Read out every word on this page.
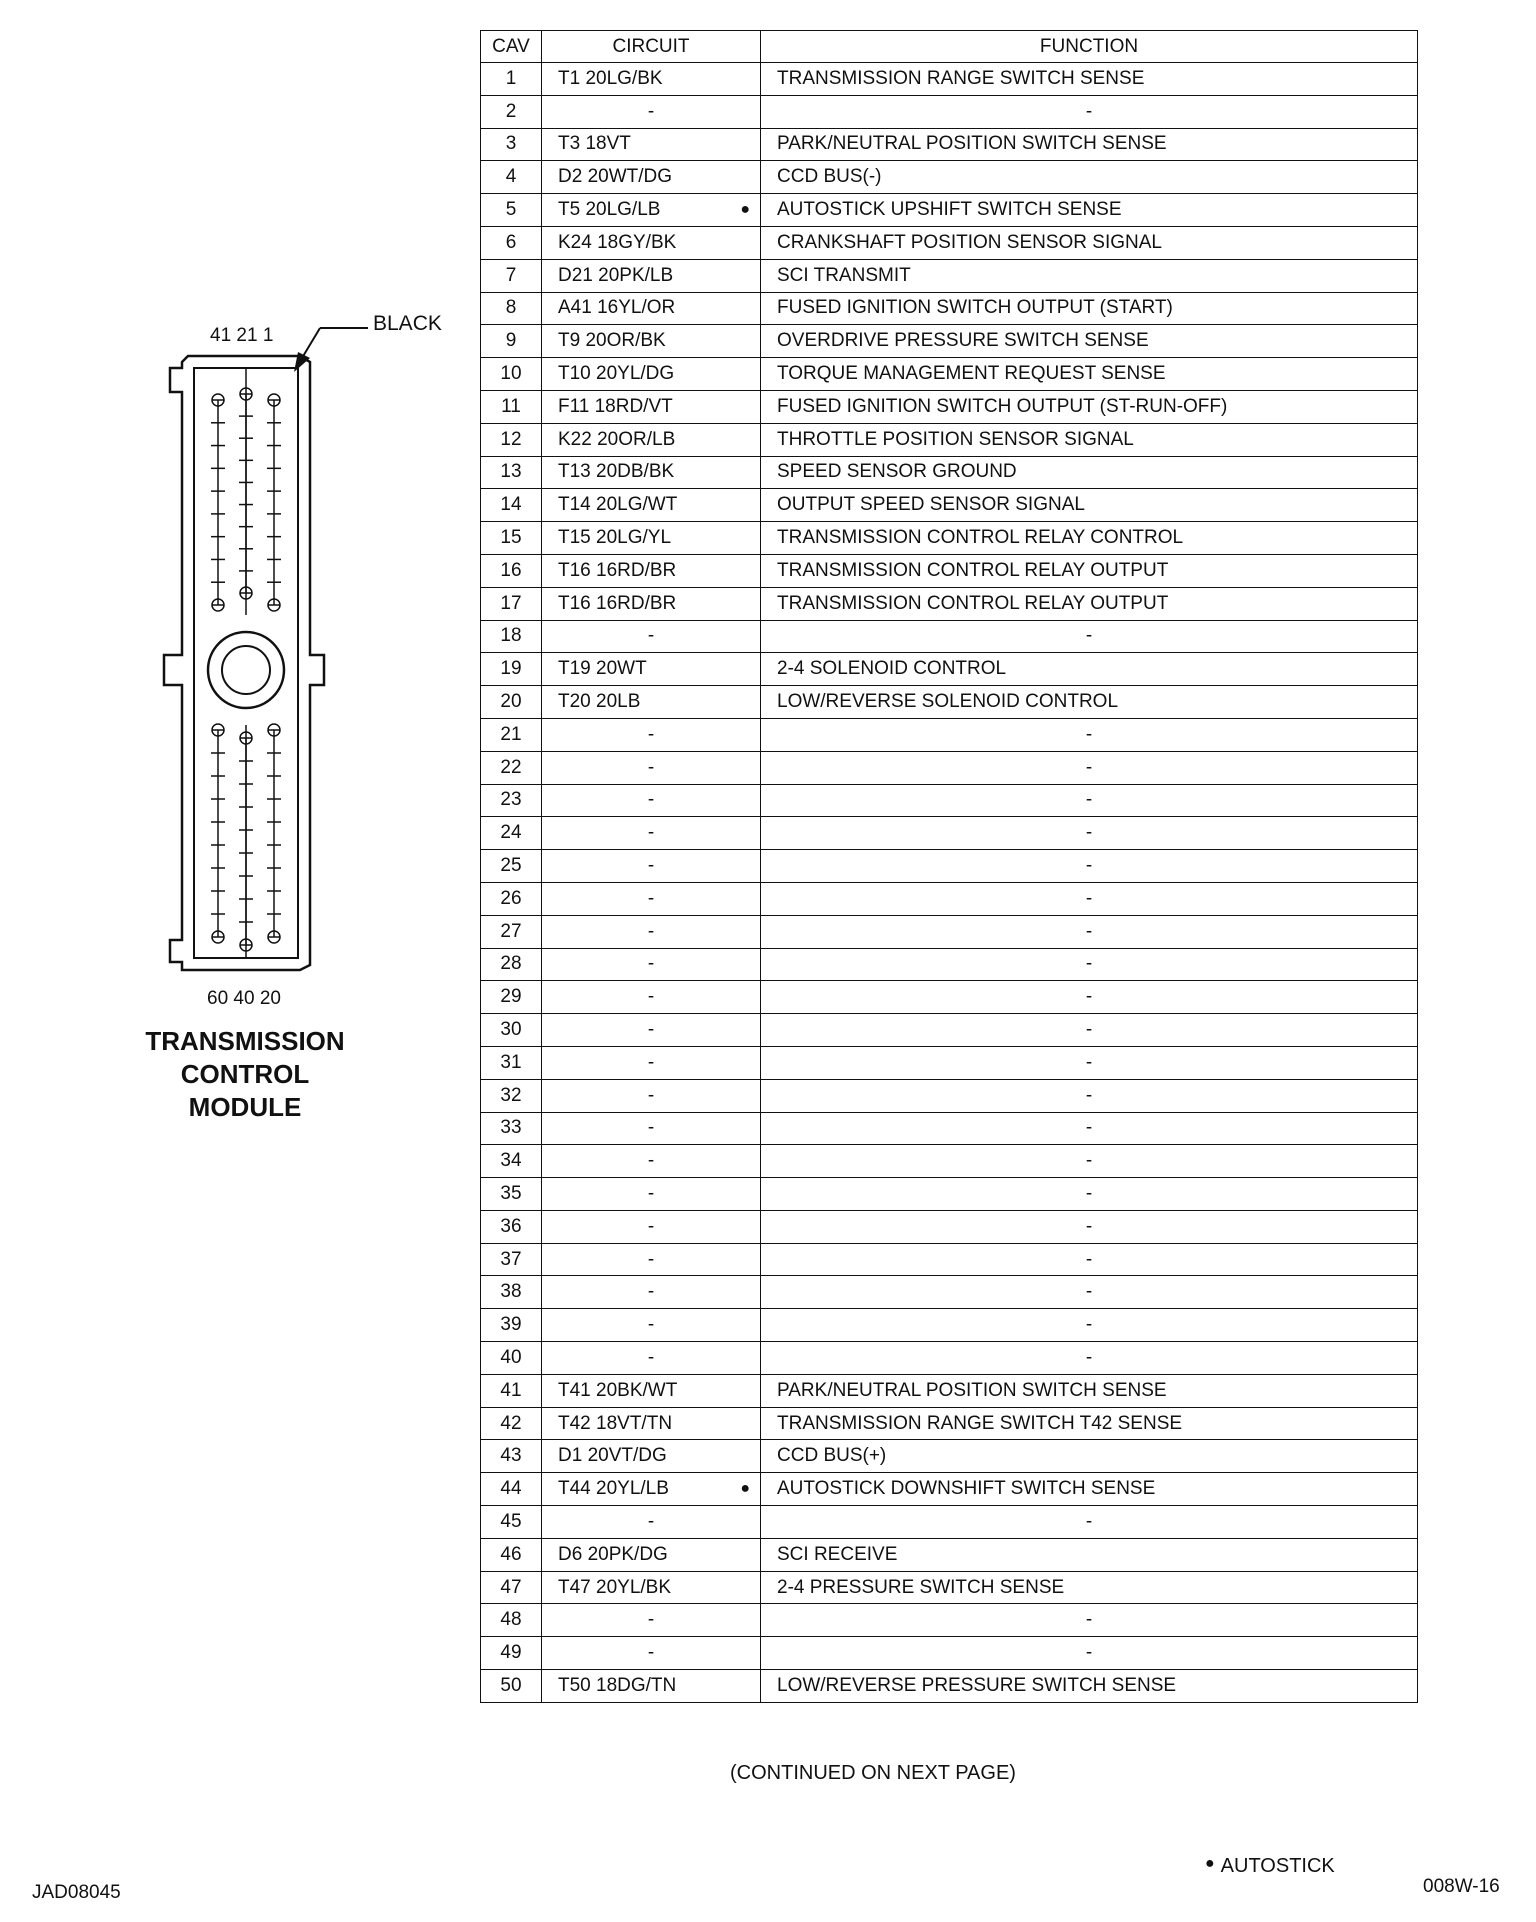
41 21 1
BLACK
60 40 20
TRANSMISSION
CONTROL
MODULE
CAV	CIRCUIT	FUNCTION
1	T1 20LG/BK	TRANSMISSION RANGE SWITCH SENSE
2	-	-
3	T3 18VT	PARK/NEUTRAL POSITION SWITCH SENSE
4	D2 20WT/DG	CCD BUS(-)
5	T5 20LG/LB ●	AUTOSTICK UPSHIFT SWITCH SENSE
6	K24 18GY/BK	CRANKSHAFT POSITION SENSOR SIGNAL
7	D21 20PK/LB	SCI TRANSMIT
8	A41 16YL/OR	FUSED IGNITION SWITCH OUTPUT (START)
9	T9 20OR/BK	OVERDRIVE PRESSURE SWITCH SENSE
10	T10 20YL/DG	TORQUE MANAGEMENT REQUEST SENSE
11	F11 18RD/VT	FUSED IGNITION SWITCH OUTPUT (ST-RUN-OFF)
12	K22 20OR/LB	THROTTLE POSITION SENSOR SIGNAL
13	T13 20DB/BK	SPEED SENSOR GROUND
14	T14 20LG/WT	OUTPUT SPEED SENSOR SIGNAL
15	T15 20LG/YL	TRANSMISSION CONTROL RELAY CONTROL
16	T16 16RD/BR	TRANSMISSION CONTROL RELAY OUTPUT
17	T16 16RD/BR	TRANSMISSION CONTROL RELAY OUTPUT
18	-	-
19	T19 20WT	2-4 SOLENOID CONTROL
20	T20 20LB	LOW/REVERSE SOLENOID CONTROL
21	-	-
22	-	-
23	-	-
24	-	-
25	-	-
26	-	-
27	-	-
28	-	-
29	-	-
30	-	-
31	-	-
32	-	-
33	-	-
34	-	-
35	-	-
36	-	-
37	-	-
38	-	-
39	-	-
40	-	-
41	T41 20BK/WT	PARK/NEUTRAL POSITION SWITCH SENSE
42	T42 18VT/TN	TRANSMISSION RANGE SWITCH T42 SENSE
43	D1 20VT/DG	CCD BUS(+)
44	T44 20YL/LB ●	AUTOSTICK DOWNSHIFT SWITCH SENSE
45	-	-
46	D6 20PK/DG	SCI RECEIVE
47	T47 20YL/BK	2-4 PRESSURE SWITCH SENSE
48	-	-
49	-	-
50	T50 18DG/TN	LOW/REVERSE PRESSURE SWITCH SENSE
(CONTINUED ON NEXT PAGE)
● AUTOSTICK
JAD08045	008W-16
